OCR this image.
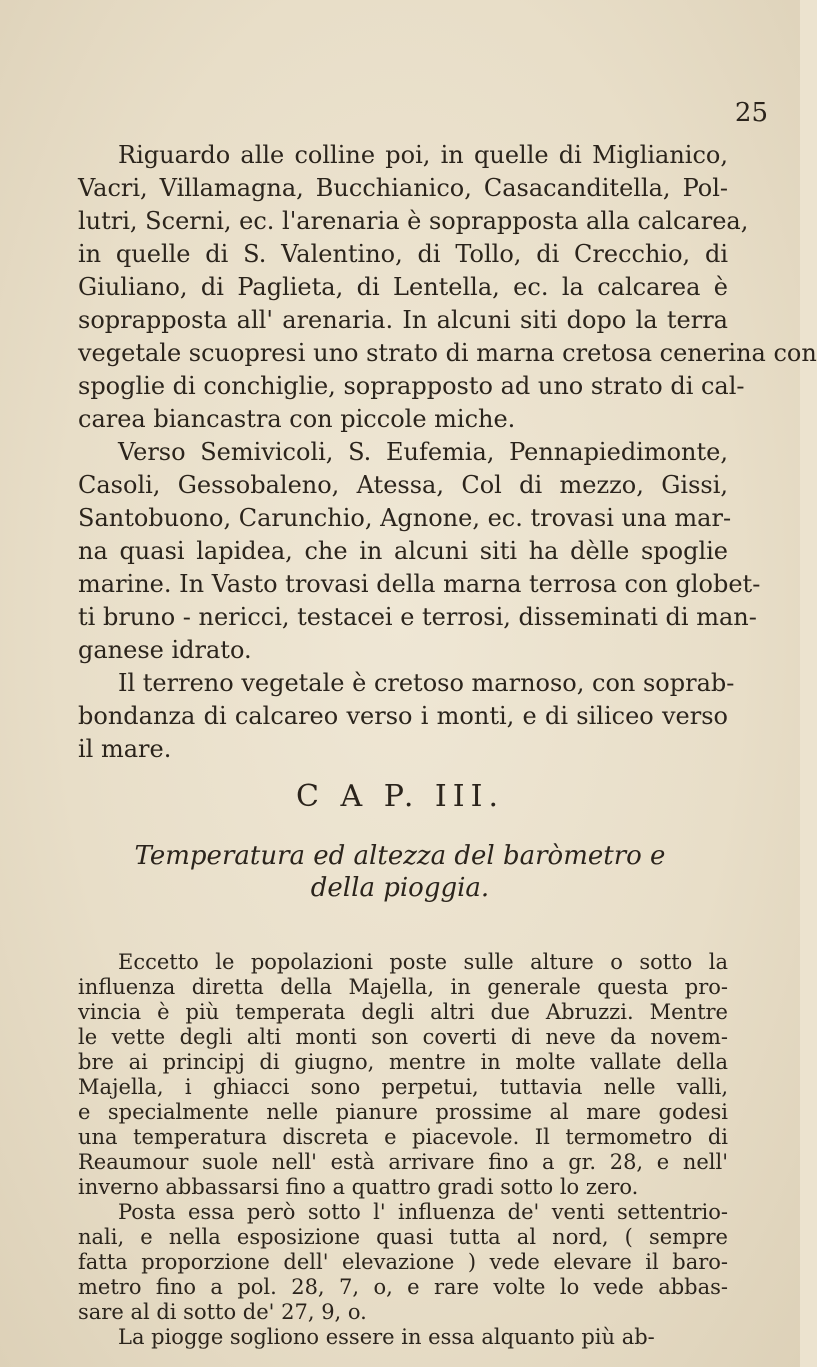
25

Riguardo alle colline poi, in quelle di Miglianico,

Vacri, Villamagna, Bucchianico, Casacanditella, Pol-

lutri, Scerni, ec. l'arenaria è soprapposta alla calcarea,

in quelle di S. Valentino, di Tollo, di Crecchio, di

Giuliano, di Paglieta, di Lentella, ec. la calcarea è

soprapposta all' arenaria. In alcuni siti dopo la terra

vegetale scuopresi uno strato di marna cretosa cenerina con

spoglie di conchiglie, soprapposto ad uno strato di cal-

carea biancastra con piccole miche.

Verso Semivicoli, S. Eufemia, Pennapiedimonte,

Casoli, Gessobaleno, Atessa, Col di mezzo, Gissi,

Santobuono, Carunchio, Agnone, ec. trovasi una mar-

na quasi lapidea, che in alcuni siti ha dèlle spoglie

marine. In Vasto trovasi della marna terrosa con globet-

ti bruno - nericci, testacei e terrosi, disseminati di man-

ganese idrato.

Il terreno vegetale è cretoso marnoso, con soprab-

bondanza di calcareo verso i monti, e di siliceo verso

il mare.

C A P. III.

Temperatura ed altezza del baròmetro e

della pioggia.

Eccetto le popolazioni poste sulle alture o sotto la

influenza diretta della Majella, in generale questa pro-

vincia è più temperata degli altri due Abruzzi. Mentre

le vette degli alti monti son coverti di neve da novem-

bre ai principj di giugno, mentre in molte vallate della

Majella, i ghiacci sono perpetui, tuttavia nelle valli,

e specialmente nelle pianure prossime al mare godesi

una temperatura discreta e piacevole. Il termometro di

Reaumour suole nell' està arrivare fino a gr. 28, e nell'

inverno abbassarsi fino a quattro gradi sotto lo zero.

Posta essa però sotto l' influenza de' venti settentrio-

nali, e nella esposizione quasi tutta al nord, ( sempre

fatta proporzione dell' elevazione ) vede elevare il baro-

metro fino a pol. 28, 7, o, e rare volte lo vede abbas-

sare al di sotto de' 27, 9, o.

La piogge sogliono essere in essa alquanto più ab-
